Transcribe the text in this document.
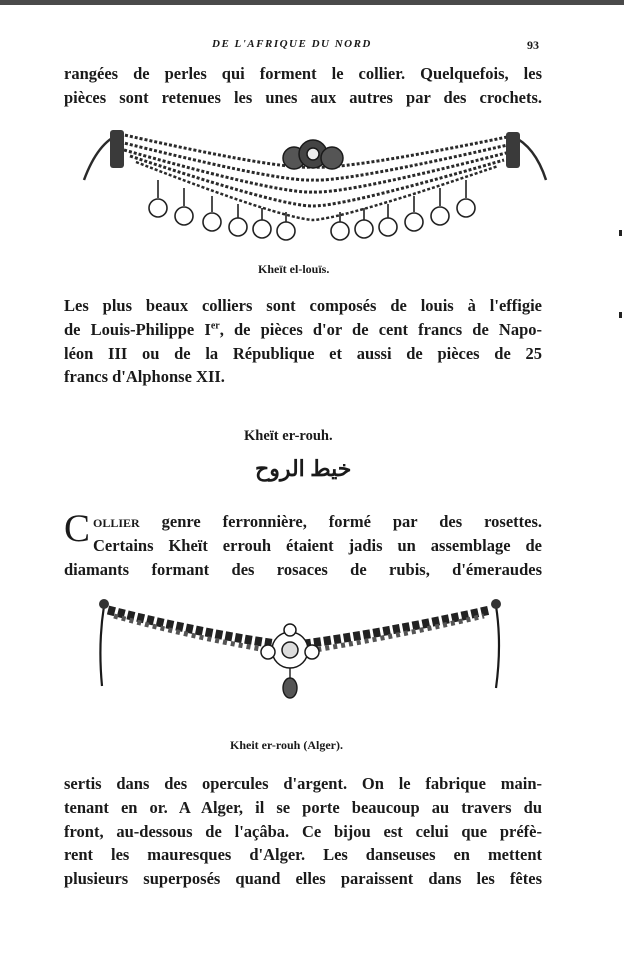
DE L'AFRIQUE DU NORD	93
rangées de perles qui forment le collier. Quelquefois, les
pièces sont retenues les unes aux autres par des crochets.
Kheït el-louïs.
Les plus beaux colliers sont composés de louis à l'effigie
de Louis-Philippe Ier, de pièces d'or de cent francs de Napo-
léon III ou de la République et aussi de pièces de 25
francs d'Alphonse XII.
Kheït er-rouh.
خيط الروح
C ollier genre ferronnière, formé par des rosettes.
Certains Kheït errouh étaient jadis un assemblage de
diamants formant des rosaces de rubis, d'émeraudes
Kheit er-rouh (Alger).
sertis dans des opercules d'argent. On le fabrique main-
tenant en or. A Alger, il se porte beaucoup au travers du
front, au-dessous de l'açâba. Ce bijou est celui que préfè-
rent les mauresques d'Alger. Les danseuses en mettent
plusieurs superposés quand elles paraissent dans les fêtes
